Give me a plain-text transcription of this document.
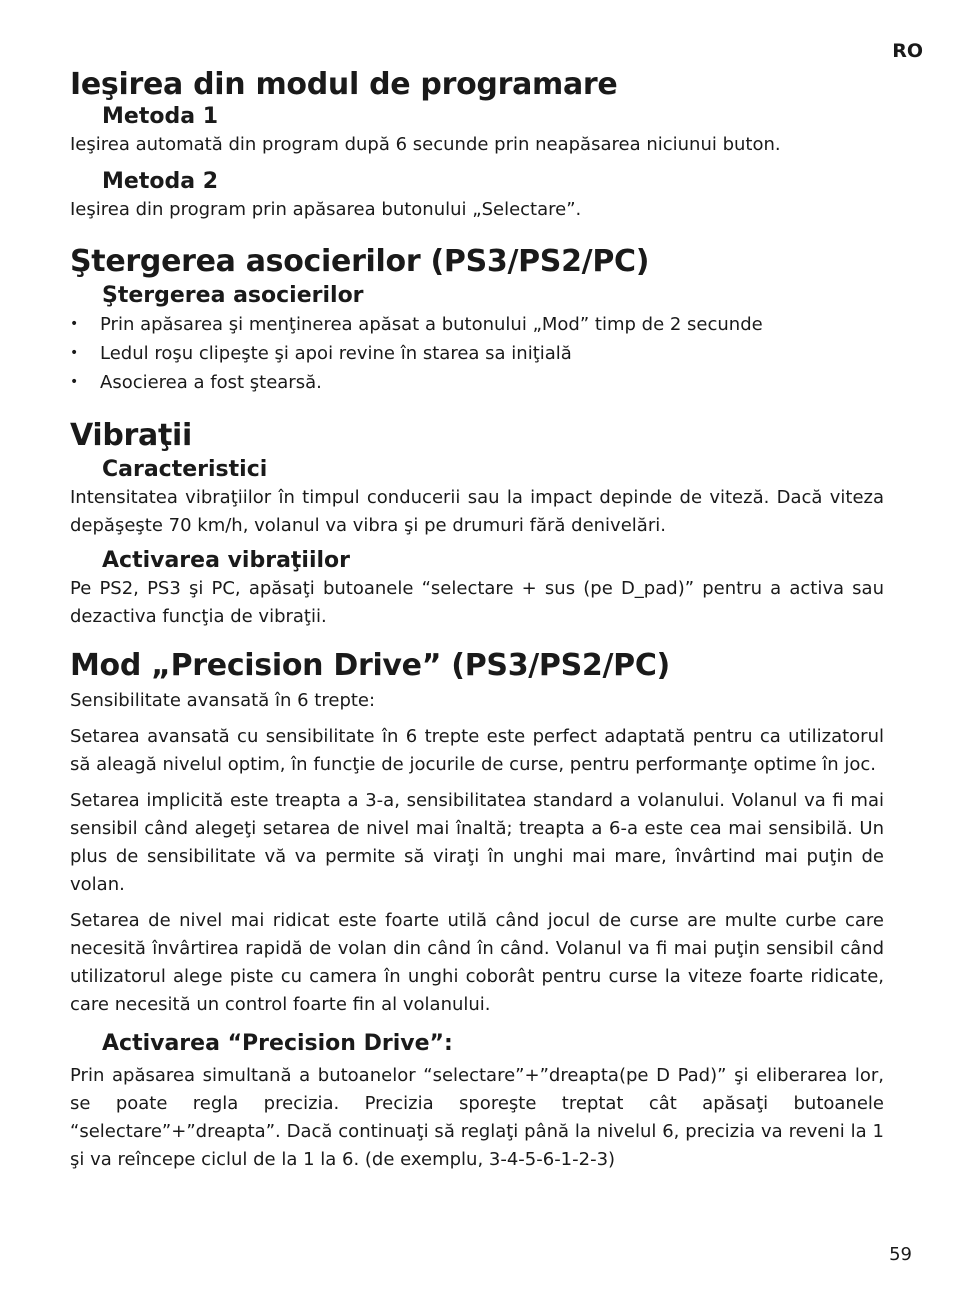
RO
Ieşirea din modul de programare
Metoda 1

Ieşirea automată din program după 6 secunde prin neapăsarea niciunui buton.

Metoda 2

Ieşirea din program prin apăsarea butonului „Selectare”.

Ştergerea asocierilor (PS3/PS2/PC)
Ştergerea asocierilor
• Prin apăsarea şi menţinerea apăsat a butonului „Mod” timp de 2 secunde
• Ledul roşu clipeşte şi apoi revine în starea sa iniţială
• Asocierea a fost ştearsă.
Vibraţii
Caracteristici

Intensitatea vibraţiilor în timpul conducerii sau la impact depinde de viteză. Dacă viteza depăşeşte 70 km/h, volanul va vibra şi pe drumuri fără denivelări.

Activarea vibraţiilor

Pe PS2, PS3 şi PC, apăsaţi butoanele “selectare + sus (pe D_pad)” pentru a activa sau dezactiva funcţia de vibraţii.

Mod „Precision Drive” (PS3/PS2/PC)

Sensibilitate avansată în 6 trepte:

Setarea avansată cu sensibilitate în 6 trepte este perfect adaptată pentru ca utilizatorul să aleagă nivelul optim, în funcţie de jocurile de curse, pentru performanţe optime în joc.

Setarea implicită este treapta a 3-a, sensibilitatea standard a volanului. Volanul va fi mai sensibil când alegeţi setarea de nivel mai înaltă; treapta a 6-a este cea mai sensibilă. Un plus de sensibilitate vă va permite să viraţi în unghi mai mare, învârtind mai puţin de volan.

Setarea de nivel mai ridicat este foarte utilă când jocul de curse are multe curbe care necesită învârtirea rapidă de volan din când în când. Volanul va fi mai puţin sensibil când utilizatorul alege piste cu camera în unghi coborât pentru curse la viteze foarte ridicate, care necesită un control foarte fin al volanului.

Activarea “Precision Drive”:

Prin apăsarea simultană a butoanelor “selectare”+”dreapta(pe D Pad)” şi eliberarea lor, se poate regla precizia. Precizia sporeşte treptat cât apăsaţi butoanele “selectare”+”dreapta”. Dacă continuaţi să reglaţi până la nivelul 6, precizia va reveni la 1 şi va reîncepe ciclul de la 1 la 6. (de exemplu, 3-4-5-6-1-2-3)

59
